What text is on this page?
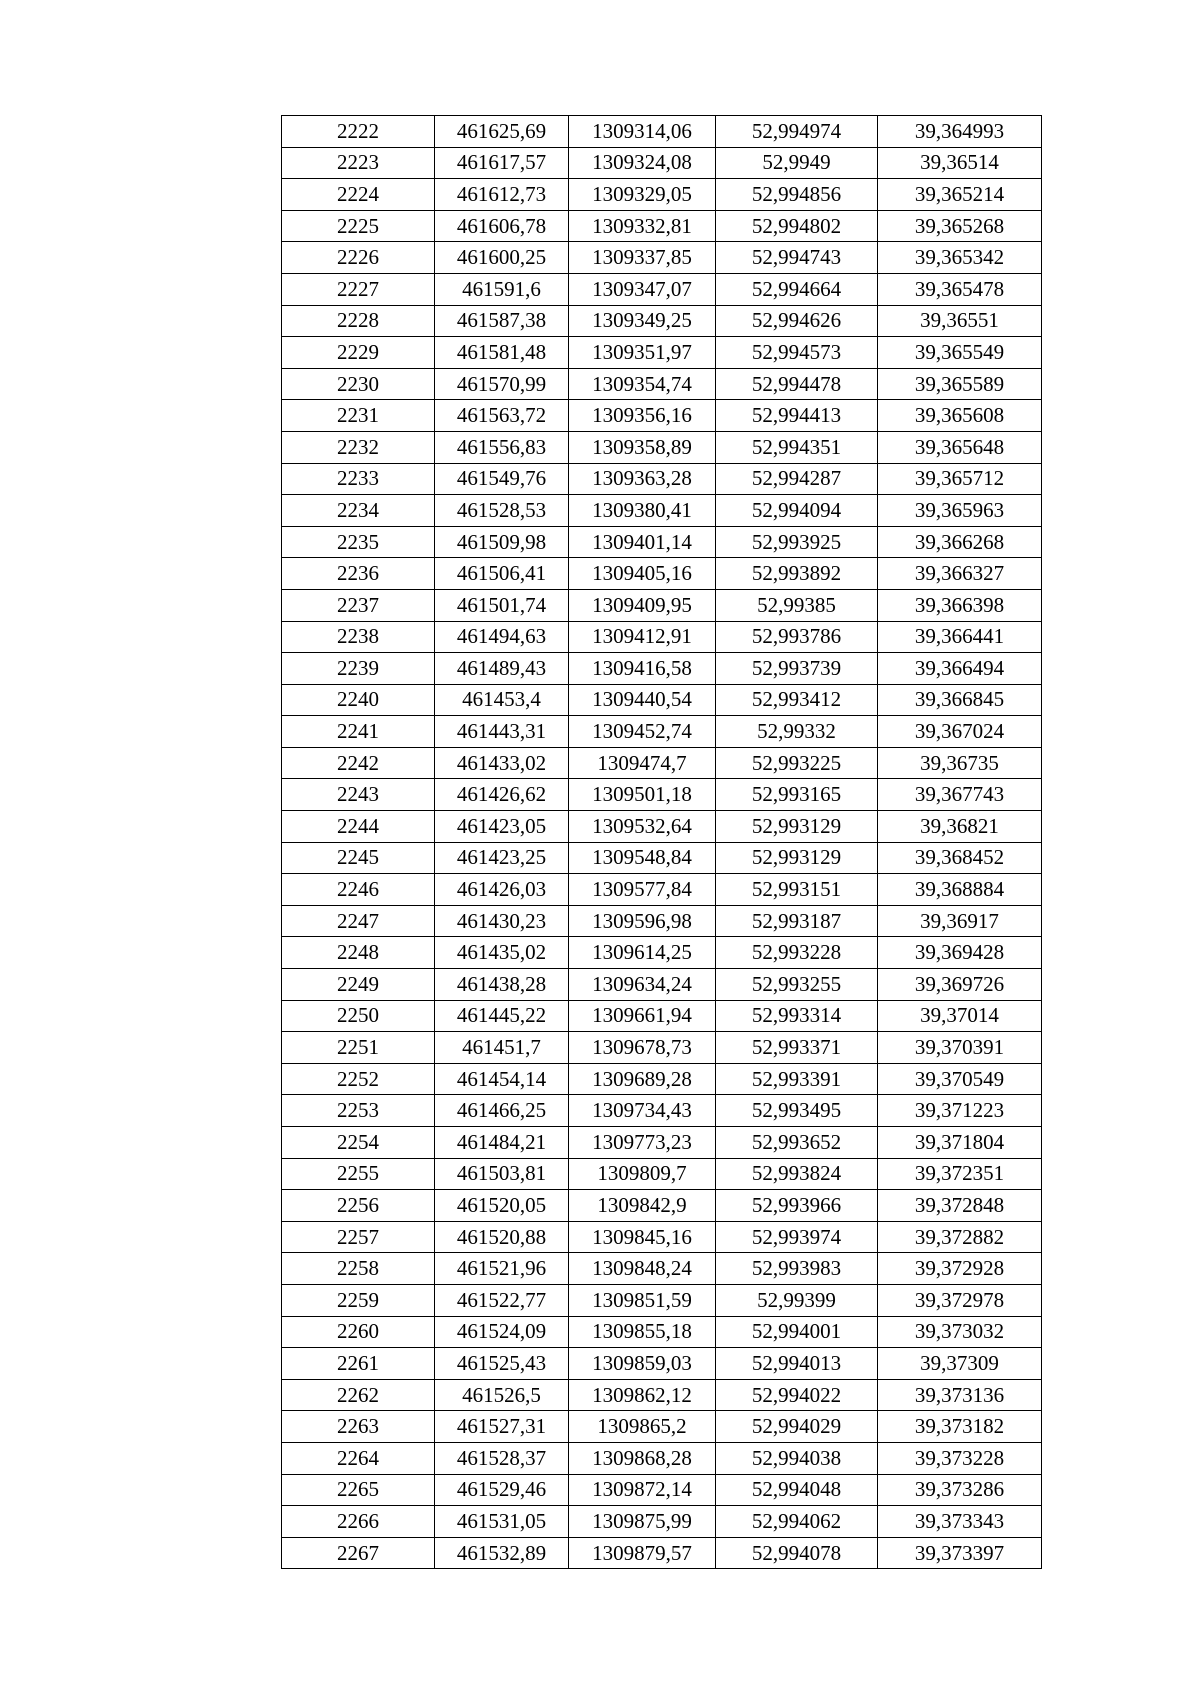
2222	461625,69	1309314,06	52,994974	39,364993
2223	461617,57	1309324,08	52,9949	39,36514
2224	461612,73	1309329,05	52,994856	39,365214
2225	461606,78	1309332,81	52,994802	39,365268
2226	461600,25	1309337,85	52,994743	39,365342
2227	461591,6	1309347,07	52,994664	39,365478
2228	461587,38	1309349,25	52,994626	39,36551
2229	461581,48	1309351,97	52,994573	39,365549
2230	461570,99	1309354,74	52,994478	39,365589
2231	461563,72	1309356,16	52,994413	39,365608
2232	461556,83	1309358,89	52,994351	39,365648
2233	461549,76	1309363,28	52,994287	39,365712
2234	461528,53	1309380,41	52,994094	39,365963
2235	461509,98	1309401,14	52,993925	39,366268
2236	461506,41	1309405,16	52,993892	39,366327
2237	461501,74	1309409,95	52,99385	39,366398
2238	461494,63	1309412,91	52,993786	39,366441
2239	461489,43	1309416,58	52,993739	39,366494
2240	461453,4	1309440,54	52,993412	39,366845
2241	461443,31	1309452,74	52,99332	39,367024
2242	461433,02	1309474,7	52,993225	39,36735
2243	461426,62	1309501,18	52,993165	39,367743
2244	461423,05	1309532,64	52,993129	39,36821
2245	461423,25	1309548,84	52,993129	39,368452
2246	461426,03	1309577,84	52,993151	39,368884
2247	461430,23	1309596,98	52,993187	39,36917
2248	461435,02	1309614,25	52,993228	39,369428
2249	461438,28	1309634,24	52,993255	39,369726
2250	461445,22	1309661,94	52,993314	39,37014
2251	461451,7	1309678,73	52,993371	39,370391
2252	461454,14	1309689,28	52,993391	39,370549
2253	461466,25	1309734,43	52,993495	39,371223
2254	461484,21	1309773,23	52,993652	39,371804
2255	461503,81	1309809,7	52,993824	39,372351
2256	461520,05	1309842,9	52,993966	39,372848
2257	461520,88	1309845,16	52,993974	39,372882
2258	461521,96	1309848,24	52,993983	39,372928
2259	461522,77	1309851,59	52,99399	39,372978
2260	461524,09	1309855,18	52,994001	39,373032
2261	461525,43	1309859,03	52,994013	39,37309
2262	461526,5	1309862,12	52,994022	39,373136
2263	461527,31	1309865,2	52,994029	39,373182
2264	461528,37	1309868,28	52,994038	39,373228
2265	461529,46	1309872,14	52,994048	39,373286
2266	461531,05	1309875,99	52,994062	39,373343
2267	461532,89	1309879,57	52,994078	39,373397
